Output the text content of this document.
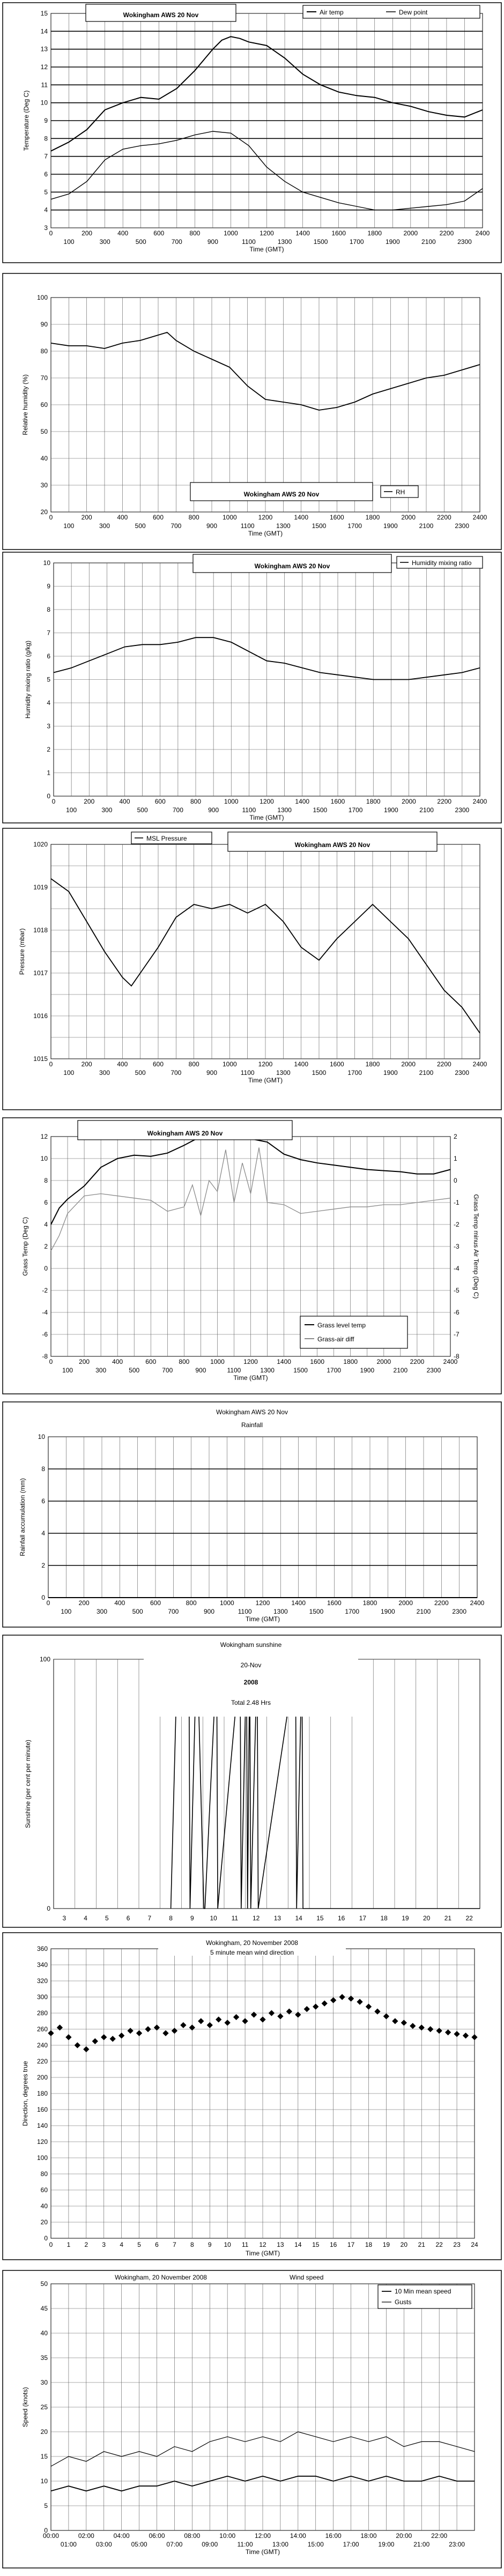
3
4
5
6
7
8
9
10
11
12
13
14
15
100	300	500	700	900	1100	1300	1500	1700	1900	2100	2300
0	200	400	600	800	1000	1200	1400	1600	1800	2000	2200	2400
Time (GMT)
Temperature (Deg C)
Wokingham AWS 20 Nov	Air temp	Dew point
20
30
40
50
60
70
80
90
100
0	200	400	600	800	1000	1200	1400	1600	1800	2000	2200	2400
100	300	500	700	900	1100	1300	1500	1700	1900	2100	2300
Time (GMT)
Relative humidity (%)
Wokingham AWS 20 Nov	RH
0
1
2
3
4
5
6
7
8
9
10
0	200	400	600	800	1000	1200	1400	1600	1800	2000	2200	2400
100	300	500	700	900	1100	1300	1500	1700	1900	2100	2300
Time (GMT)
Humidity mixing ratio (g/kg)
Wokingham AWS 20 Nov	Humidity mixing ratio
1015
1016
1017
1018
1019
1020
0	200	400	600	800	1000	1200	1400	1600	1800	2000	2200	2400
100	300	500	700	900	1100	1300	1500	1700	1900	2100	2300
Time (GMT)
Pressure (mbar)
MSL Pressure
Wokingham AWS 20 Nov
-8
-6
-4
-2
0
2
4
6
8
10
12
-8
-7
-6
-5
-4
-3
-2
-1
0
1
2
0	200	400	600	800	1000	1200	1400	1600	1800	2000	2200	2400
100	300	500	700	900	1100	1300	1500	1700	1900	2100	2300
Time (GMT)
Grass Temp (Deg C)	Grass Temp minus Air Temp (Deg C)
Wokingham AWS 20 Nov
Grass level temp
Grass-air diff
0
2
4
6
8
10
0	200	400	600	800	1000	1200	1400	1600	1800	2000	2200	2400
100	300	500	700	900	1100	1300	1500	1700	1900	2100	2300
Time (GMT)
Rainfall accumulation (mm)
Wokingham AWS 20 Nov
Rainfall
0
100
3	4	5	6	7	8	9 10 11 12 13 14 15 16 17 18 19 20 21 22
Sunshine (per cent per minute)
Wokingham sunshine
20-Nov
2008
Total 2.48 Hrs
0
20
40
60
80
100
120
140
160
180
200
220
240
260
280
300
320
340
360
0 1 2 3 4 5 6 7 8 9 10 11 12 13 14 15 16 17 18 19 20 21 22 23 24
Time (GMT)
Direction, degrees true
Wokingham, 20 November 2008
5 minute mean wind direction
0
5
10
15
20
25
30
35
40
45
50
00:00	02:00	04:00	06:00	08:00	10:00	12:00	14:00	16:00	18:00	20:00	22:00
01:00	03:00	05:00	07:00	09:00	11:00	13:00	15:00	17:00	19:00	21:00	23:00
Time (GMT)
Speed (knots)
Wokingham, 20 November 2008	Wind speed
10 Min mean speed
Gusts
